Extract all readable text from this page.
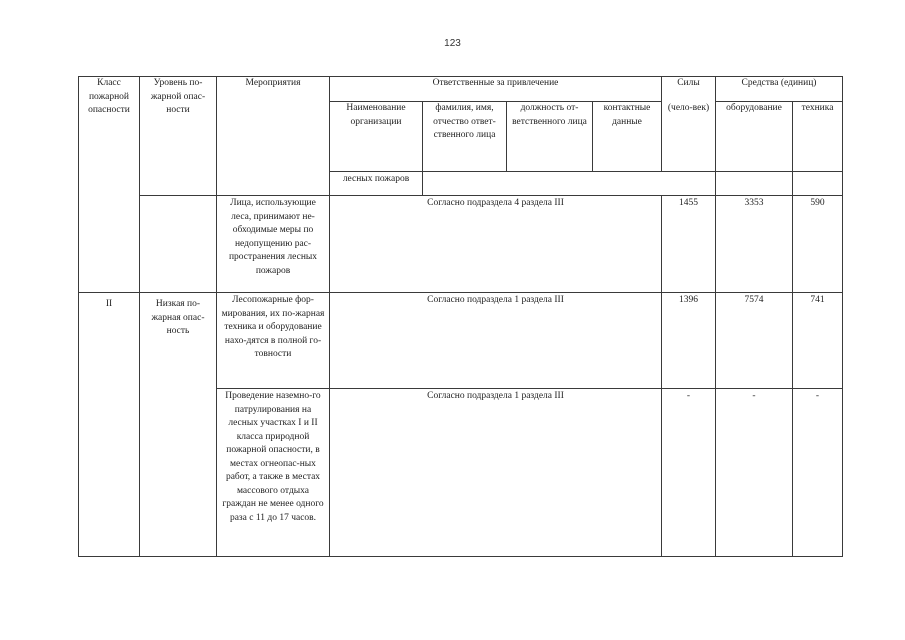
123
Класс пожарной опасности	Уровень по-жарной опас-ности	Мероприятия	Ответственные за привлечение				Силы	Средства (единиц)		
			Наименование организации	фамилия, имя, отчество ответ-ственного лица	должность от-ветственного лица	контактные данные	(чело-век)	оборудование	техника	
			лесных пожаров							
		Лица, использующие леса, принимают не-обходимые меры по недопущению рас-пространения лесных пожаров	Согласно подраздела 4 раздела III				1455	3353	590	
II	Низкая по-жарная опас-ность	Лесопожарные фор-мирования, их по-жарная техника и оборудование нахо-дятся в полной го-товности	Согласно подраздела 1 раздела III				1396	7574	741	
		Проведение наземно-го патрулирования на лесных участках I и II класса природной пожарной опасности, в местах огнеопас-ных работ, а также в местах массового отдыха граждан не менее одного раза с 11 до 17 часов.	Согласно подраздела 1 раздела III				-	-	-	
